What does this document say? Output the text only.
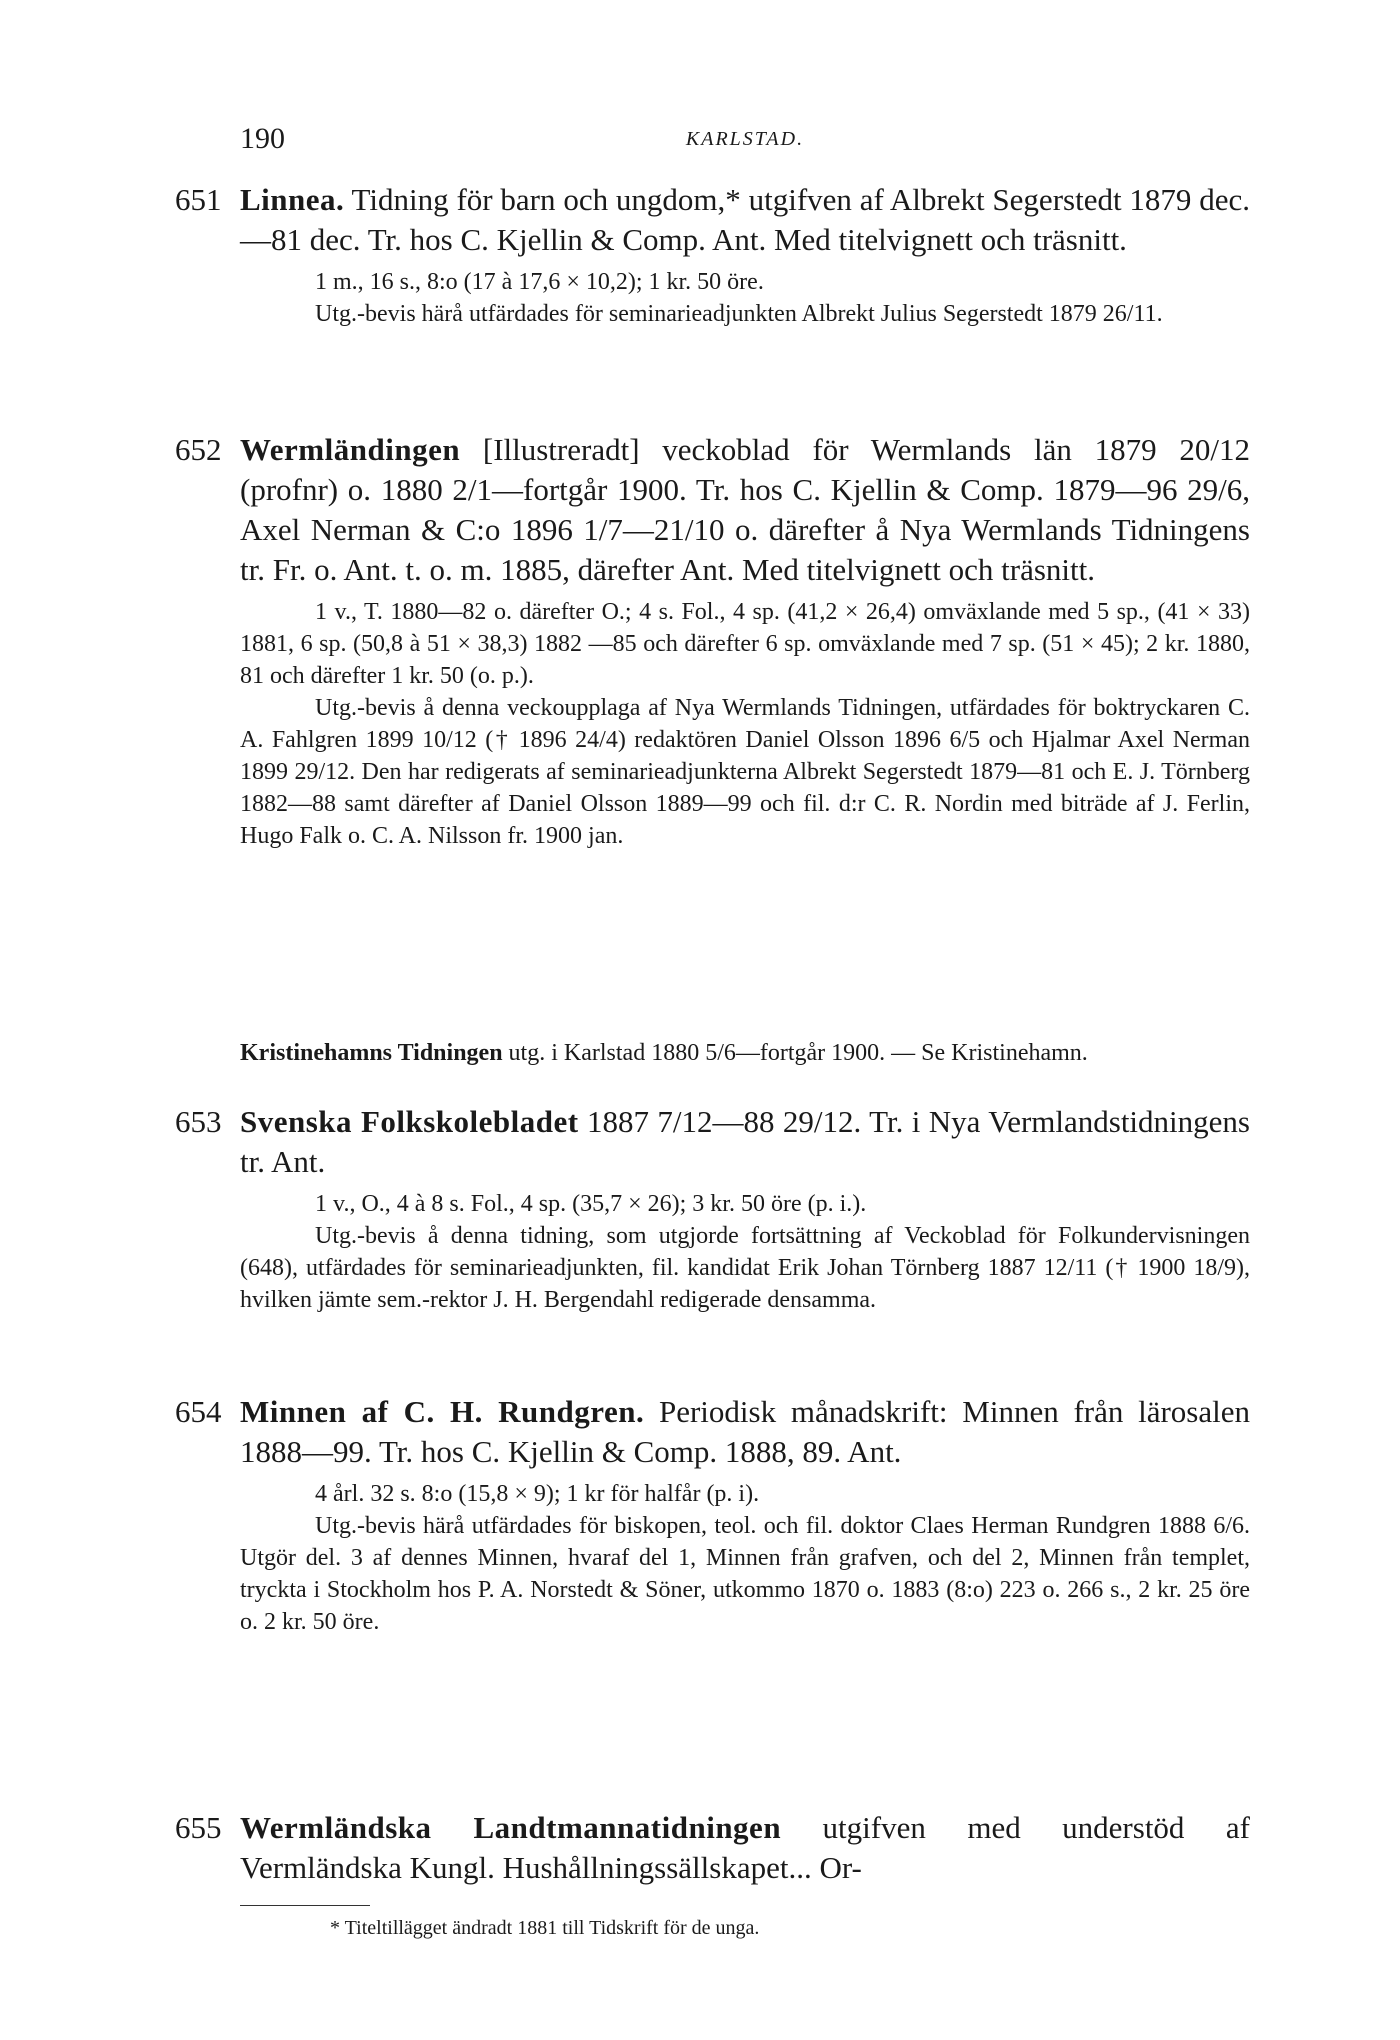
190	KARLSTAD.
651 Linnea. Tidning för barn och ungdom,* utgifven af Albrekt Segerstedt 1879 dec.—81 dec. Tr. hos C. Kjellin & Comp. Ant. Med titelvignett och träsnitt.
1 m., 16 s., 8:o (17 à 17,6 × 10,2); 1 kr. 50 öre.
Utg.-bevis härå utfärdades för seminarieadjunkten Albrekt Julius Segerstedt 1879 26/11.
652 Wermländingen [Illustreradt] veckoblad för Wermlands län 1879 20/12 (profnr) o. 1880 2/1—fortgår 1900. Tr. hos C. Kjellin & Comp. 1879—96 29/6, Axel Nerman & C:o 1896 1/7—21/10 o. därefter å Nya Wermlands Tidningens tr. Fr. o. Ant. t. o. m. 1885, därefter Ant. Med titelvignett och träsnitt.
1 v., T. 1880—82 o. därefter O.; 4 s. Fol., 4 sp. (41,2 × 26,4) omväxlande med 5 sp., (41 × 33) 1881, 6 sp. (50,8 à 51 × 38,3) 1882 —85 och därefter 6 sp. omväxlande med 7 sp. (51 × 45); 2 kr. 1880, 81 och därefter 1 kr. 50 (o. p.).
Utg.-bevis å denna veckoupplaga af Nya Wermlands Tidningen, utfärdades för boktryckaren C. A. Fahlgren 1899 10/12 († 1896 24/4) redaktören Daniel Olsson 1896 6/5 och Hjalmar Axel Nerman 1899 29/12. Den har redigerats af seminarieadjunkterna Albrekt Segerstedt 1879—81 och E. J. Törnberg 1882—88 samt därefter af Daniel Olsson 1889—99 och fil. d:r C. R. Nordin med biträde af J. Ferlin, Hugo Falk o. C. A. Nilsson fr. 1900 jan.
Kristinehamns Tidningen utg. i Karlstad 1880 5/6—fortgår 1900. — Se Kristinehamn.
653 Svenska Folkskolebladet 1887 7/12—88 29/12. Tr. i Nya Vermlandstidningens tr. Ant.
1 v., O., 4 à 8 s. Fol., 4 sp. (35,7 × 26); 3 kr. 50 öre (p. i.).
Utg.-bevis å denna tidning, som utgjorde fortsättning af Veckoblad för Folkundervisningen (648), utfärdades för seminarieadjunkten, fil. kandidat Erik Johan Törnberg 1887 12/11 († 1900 18/9), hvilken jämte sem.-rektor J. H. Bergendahl redigerade densamma.
654 Minnen af C. H. Rundgren. Periodisk månadskrift: Minnen från lärosalen 1888—99. Tr. hos C. Kjellin & Comp. 1888, 89. Ant.
4 årl. 32 s. 8:o (15,8 × 9); 1 kr för halfår (p. i).
Utg.-bevis härå utfärdades för biskopen, teol. och fil. doktor Claes Herman Rundgren 1888 6/6. Utgör del. 3 af dennes Minnen, hvaraf del 1, Minnen från grafven, och del 2, Minnen från templet, tryckta i Stockholm hos P. A. Norstedt & Söner, utkommo 1870 o. 1883 (8:o) 223 o. 266 s., 2 kr. 25 öre o. 2 kr. 50 öre.
655 Wermländska Landtmannatidningen utgifven med understöd af Vermländska Kungl. Hushållningssällskapet... Or-
* Titeltillägget ändradt 1881 till Tidskrift för de unga.
